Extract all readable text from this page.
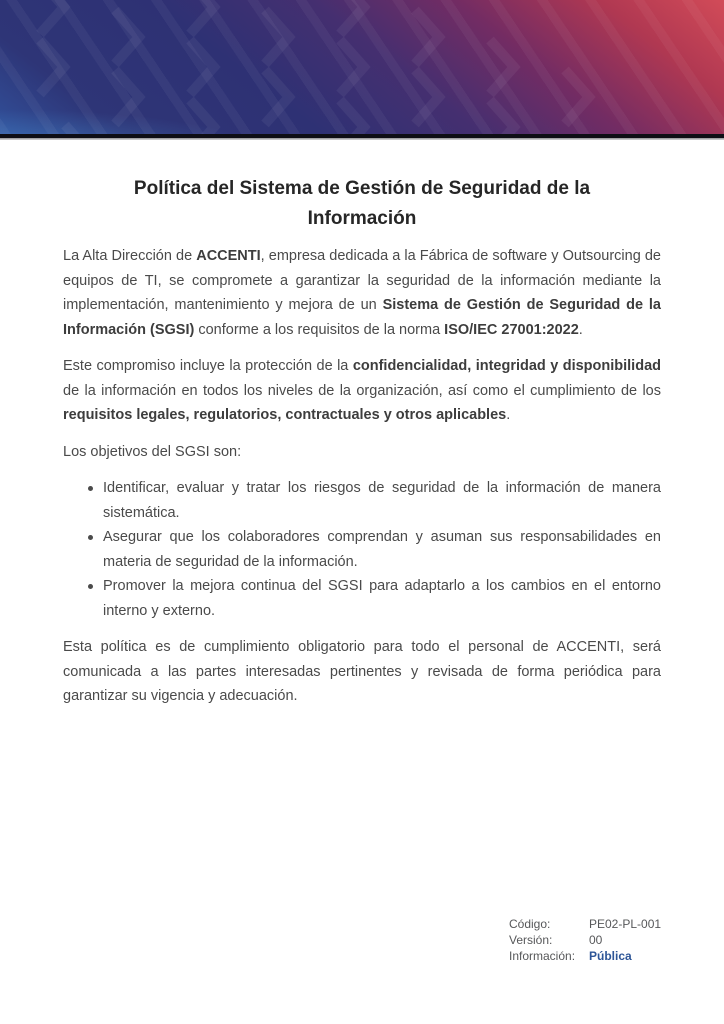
Política del Sistema de Gestión de Seguridad de la Información

La Alta Dirección de ACCENTI, empresa dedicada a la Fábrica de software y Outsourcing de equipos de TI, se compromete a garantizar la seguridad de la información mediante la implementación, mantenimiento y mejora de un Sistema de Gestión de Seguridad de la Información (SGSI) conforme a los requisitos de la norma ISO/IEC 27001:2022.

Este compromiso incluye la protección de la confidencialidad, integridad y disponibilidad de la información en todos los niveles de la organización, así como el cumplimiento de los requisitos legales, regulatorios, contractuales y otros aplicables.

Los objetivos del SGSI son:

Identificar, evaluar y tratar los riesgos de seguridad de la información de manera sistemática.
Asegurar que los colaboradores comprendan y asuman sus responsabilidades en materia de seguridad de la información.
Promover la mejora continua del SGSI para adaptarlo a los cambios en el entorno interno y externo.

Esta política es de cumplimiento obligatorio para todo el personal de ACCENTI, será comunicada a las partes interesadas pertinentes y revisada de forma periódica para garantizar su vigencia y adecuación.

Código:	PE02-PL-001
Versión:	00
Información:	Pública
